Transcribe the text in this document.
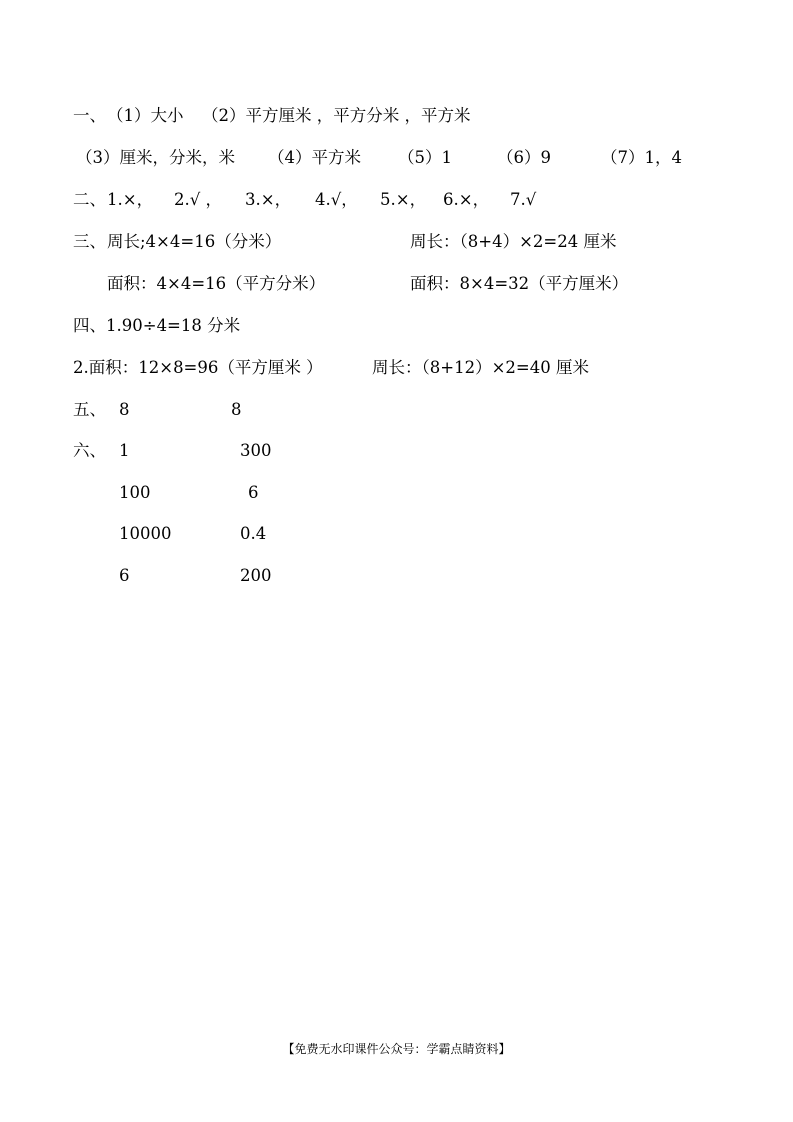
一、 （1）大小 （2）平方厘米 ，平方分米 ，平方米
（3）厘米，分米，米 （4）平方米 （5）1	（6）9	（7）1，4
二、 1.×， 2.√ ， 3.×， 4.√， 5.×， 6.×， 7.√
三、 周长;4×4=16（分米）	周长：（8+4）×2=24 厘米
面积：4×4=16（平方分米）	面积：8×4=32（平方厘米）
四、1.90÷4=18 分米
2.面积：12×8=96（平方厘米 ）	周长：（8+12）×2=40 厘米
五、 8	8
六、 1	300
100	6
10000	0.4
6	200
【免费无水印课件公众号：学霸点睛资料】
